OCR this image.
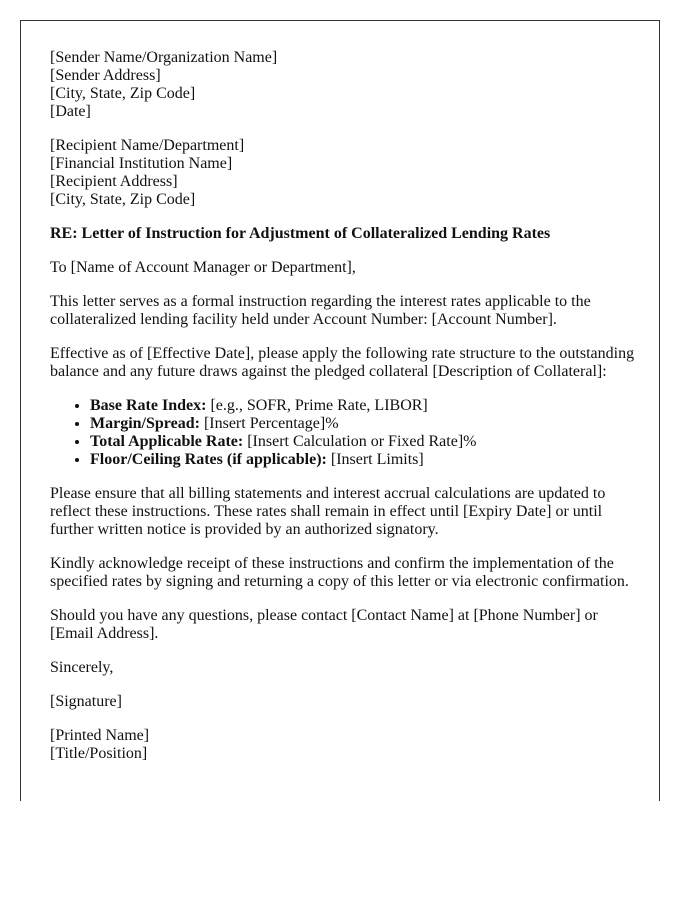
[Sender Name/Organization Name]
[Sender Address]
[City, State, Zip Code]
[Date]
[Recipient Name/Department]
[Financial Institution Name]
[Recipient Address]
[City, State, Zip Code]
RE: Letter of Instruction for Adjustment of Collateralized Lending Rates

To [Name of Account Manager or Department],

This letter serves as a formal instruction regarding the interest rates applicable to the collateralized lending facility held under Account Number: [Account Number].

Effective as of [Effective Date], please apply the following rate structure to the outstanding balance and any future draws against the pledged collateral [Description of Collateral]:

• Base Rate Index: [e.g., SOFR, Prime Rate, LIBOR]
• Margin/Spread: [Insert Percentage]%
• Total Applicable Rate: [Insert Calculation or Fixed Rate]%
• Floor/Ceiling Rates (if applicable): [Insert Limits]

Please ensure that all billing statements and interest accrual calculations are updated to reflect these instructions. These rates shall remain in effect until [Expiry Date] or until further written notice is provided by an authorized signatory.

Kindly acknowledge receipt of these instructions and confirm the implementation of the specified rates by signing and returning a copy of this letter or via electronic confirmation.

Should you have any questions, please contact [Contact Name] at [Phone Number] or [Email Address].

Sincerely,

[Signature]

[Printed Name]
[Title/Position]
